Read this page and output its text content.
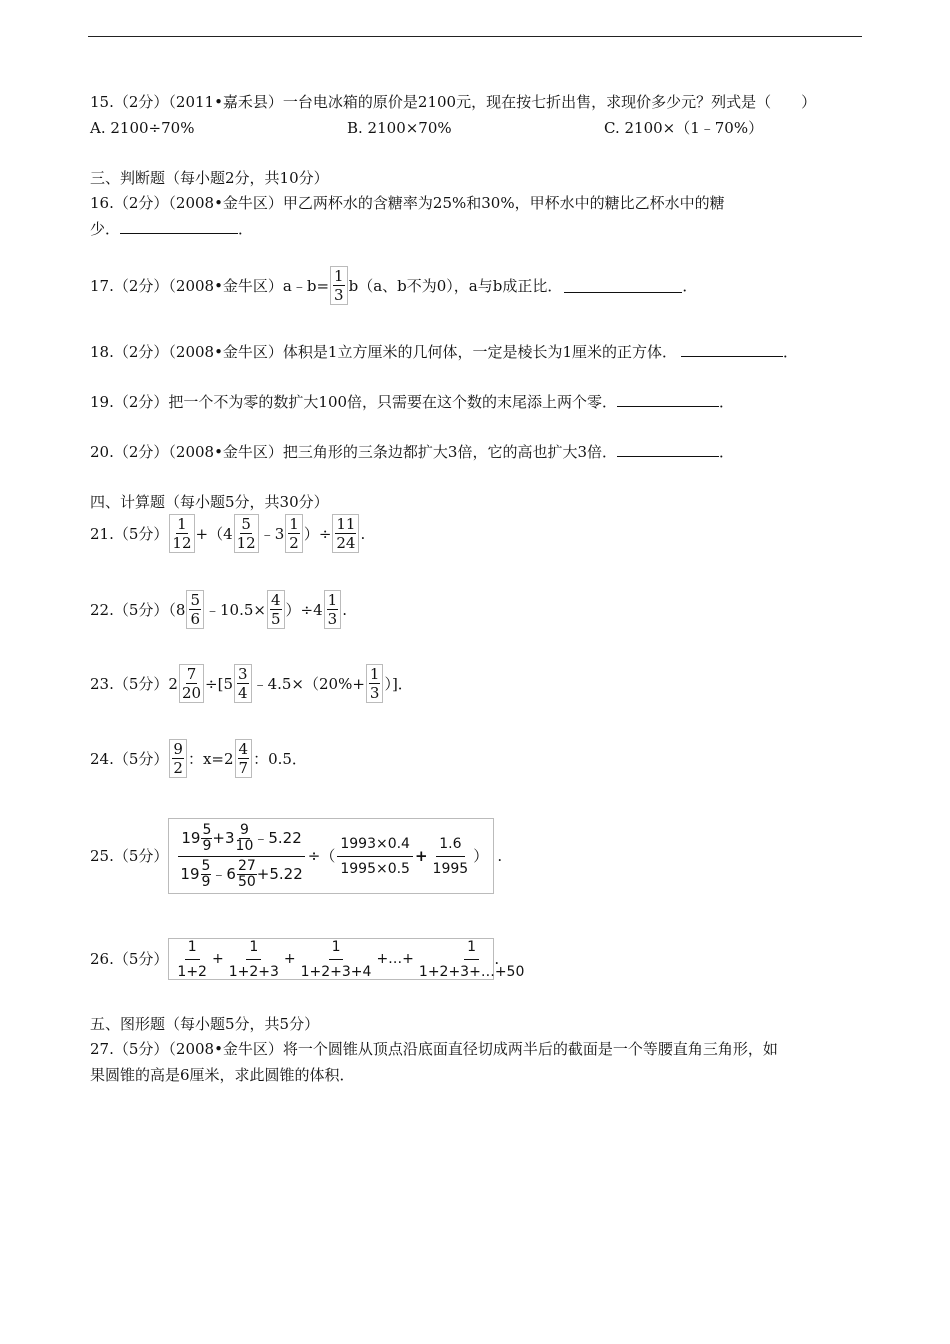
15.（2分）（2011•嘉禾县）一台电冰箱的原价是2100元，现在按七折出售，求现价多少元？列式是（　　）
A. 2100÷70%	B. 2100×70%	C. 2100×（1﹣70%）
三、判断题（每小题2分，共10分）
16.（2分）（2008•金牛区）甲乙两杯水的含糖率为25%和30%，甲杯水中的糖比乙杯水中的糖
少．	．
17.（2分）（2008•金牛区）a﹣b= $\frac{1}{3} b(a$、b不为0），a与b成正比．	．
18.（2分）（2008•金牛区）体积是1立方厘米的几何体，一定是棱长为1厘米的正方体．	．
19.（2分）把一个不为零的数扩大100倍，只需要在这个数的末尾添上两个零．	．
20.（2分）（2008•金牛区）把三角形的三条边都扩大3倍，它的高也扩大3倍．	．
四、计算题（每小题5分，共30分）
21.（5分） $\frac{1}{12} +(4 \frac{5}{12}$ ﹣3 $\frac{1}{2}$ ）÷ $\frac{11}{24}$ .
22.（5分）（$8 \frac{5}{6}$ ﹣10.5× $\frac{4}{5} )\div 4 \frac{1}{3}$ .
23.（5分）$2 \frac{7}{20} \div[5 \frac{3}{4}$ ﹣4.5×（20%+ $\frac{1}{3}$ ）]．
24.（5分） $\frac{9}{2}$ ：$x=2 \frac{4}{7}$ ：0.5．
25.（5分） $\frac{19 \frac{5}{9} +3 \frac{9}{10} ﹣5.22}{19 \frac{5}{9} ﹣6 \frac{27}{50} +5.22}$ ÷（
1993×0.4
1995×0.5
+ $\frac{1.6}{1995}$ ） .
26.（5分） $\frac{1}{1+2} + \frac{1}{1+2+3} + \frac{1}{1+2+3+4}$ +…+ $\frac{1}{1+2+3+\dots+50}$
.
五、图形题（每小题5分，共5分）
27.（5分）（2008•金牛区）将一个圆锥从顶点沿底面直径切成两半后的截面是一个等腰直角三角形，如
果圆锥的高是6厘米，求此圆锥的体积．
